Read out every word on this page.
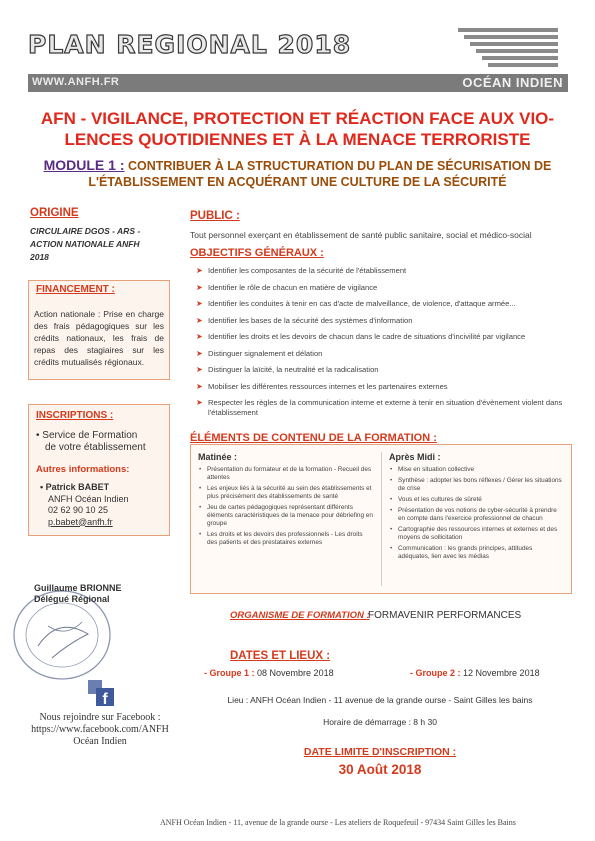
PLAN REGIONAL 2018
WWW.ANFH.FR	OCÉAN INDIEN
AFN - VIGILANCE, PROTECTION ET RÉACTION FACE AUX VIO-
LENCES QUOTIDIENNES ET À LA MENACE TERRORISTE
MODULE 1 : CONTRIBUER À LA STRUCTURATION DU PLAN DE SÉCURISATION DE
L'ÉTABLISSEMENT EN ACQUÉRANT UNE CULTURE DE LA SÉCURITÉ
ORIGINE
CIRCULAIRE DGOS - ARS -
ACTION NATIONALE ANFH
2018
FINANCEMENT :
Action nationale : Prise en charge des frais pédagogiques sur les crédits nationaux, les frais de repas des stagiaires sur les crédits mutualisés régionaux.
INSCRIPTIONS :
• Service de Formation
de votre établissement
Autres informations:
• Patrick BABET
ANFH Océan Indien
02 62 90 10 25
p.babet@anfh.fr
Guillaume BRIONNE
Délégué Régional
f
Nous rejoindre sur Facebook :
https://www.facebook.com/ANFH
Océan Indien
PUBLIC :
Tout personnel exerçant en établissement de santé public sanitaire, social et médico-social
OBJECTIFS GÉNÉRAUX :
➤ Identifier les composantes de la sécurité de l'établissement
➤ Identifier le rôle de chacun en matière de vigilance
➤ Identifier les conduites à tenir en cas d'acte de malveillance, de violence, d'attaque armée...
➤ Identifier les bases de la sécurité des systèmes d'information
➤ Identifier les droits et les devoirs de chacun dans le cadre de situations d'incivilité par vigilance
➤ Distinguer signalement et délation
➤ Distinguer la laïcité, la neutralité et la radicalisation
➤ Mobiliser les différentes ressources internes et les partenaires externes
➤ Respecter les règles de la communication interne et externe à tenir en situation d'évènement violent dans l'établissement
ÉLÉMENTS DE CONTENU DE LA FORMATION :
Matinée :
• Présentation du formateur et de la formation - Recueil des attentes
• Les enjeux liés à la sécurité au sein des établissements et plus précisément des établissements de santé
• Jeu de cartes pédagogiques représentant différents éléments caractéristiques de la menace pour débriefing en groupe
• Les droits et les devoirs des professionnels - Les droits des patients et des prestataires externes
Après Midi :
• Mise en situation collective
• Synthèse : adopter les bons réflexes / Gérer les situations de crise
• Vous et les cultures de sûreté
• Présentation de vos notions de cyber-sécurité à prendre en compte dans l'exercice professionnel de chacun
• Cartographie des ressources internes et externes et des moyens de sollicitation
• Communication : les grands principes, attitudes adéquates, lien avec les médias
ORGANISME DE FORMATION :
FORMAVENIR PERFORMANCES
DATES ET LIEUX :
- Groupe 1 : 08 Novembre 2018	- Groupe 2 : 12 Novembre 2018
Lieu : ANFH Océan Indien - 11 avenue de la grande ourse - Saint Gilles les bains
Horaire de démarrage : 8 h 30
DATE LIMITE D'INSCRIPTION :
30 Août 2018
ANFH Océan Indien - 11, avenue de la grande ourse - Les ateliers de Roquefeuil - 97434 Saint Gilles les Bains
